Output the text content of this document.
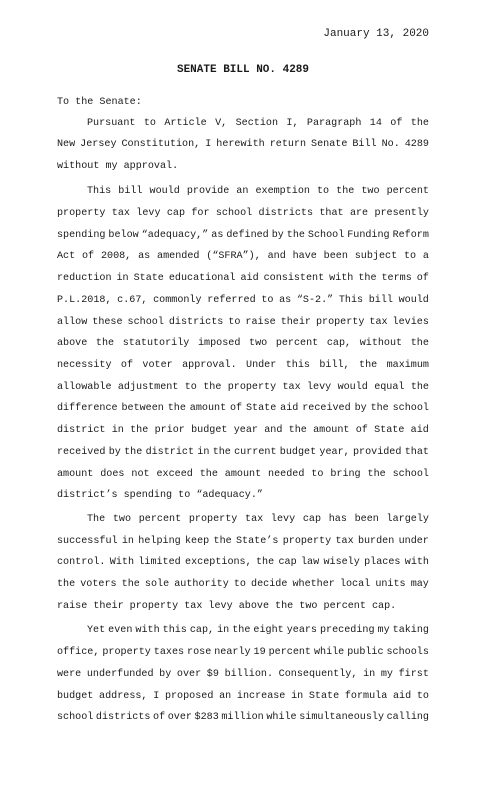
January 13, 2020
SENATE BILL NO. 4289
To the Senate:
Pursuant to Article V, Section I, Paragraph 14 of the
New Jersey Constitution, I herewith return Senate Bill No. 4289
without my approval.
This bill would provide an exemption to the two percent
property tax levy cap for school districts that are presently
spending below “adequacy,” as defined by the School Funding Reform
Act of 2008, as amended (“SFRA”), and have been subject to a
reduction in State educational aid consistent with the terms of
P.L.2018, c.67, commonly referred to as “S-2.” This bill would
allow these school districts to raise their property tax levies
above the statutorily imposed two percent cap, without the
necessity of voter approval. Under this bill, the maximum
allowable adjustment to the property tax levy would equal the
difference between the amount of State aid received by the school
district in the prior budget year and the amount of State aid
received by the district in the current budget year, provided that
amount does not exceed the amount needed to bring the school
district’s spending to “adequacy.”
The two percent property tax levy cap has been largely
successful in helping keep the State’s property tax burden under
control. With limited exceptions, the cap law wisely places with
the voters the sole authority to decide whether local units may
raise their property tax levy above the two percent cap.
Yet even with this cap, in the eight years preceding my taking
office, property taxes rose nearly 19 percent while public schools
were underfunded by over $9 billion. Consequently, in my first
budget address, I proposed an increase in State formula aid to
school districts of over $283 million while simultaneously calling
